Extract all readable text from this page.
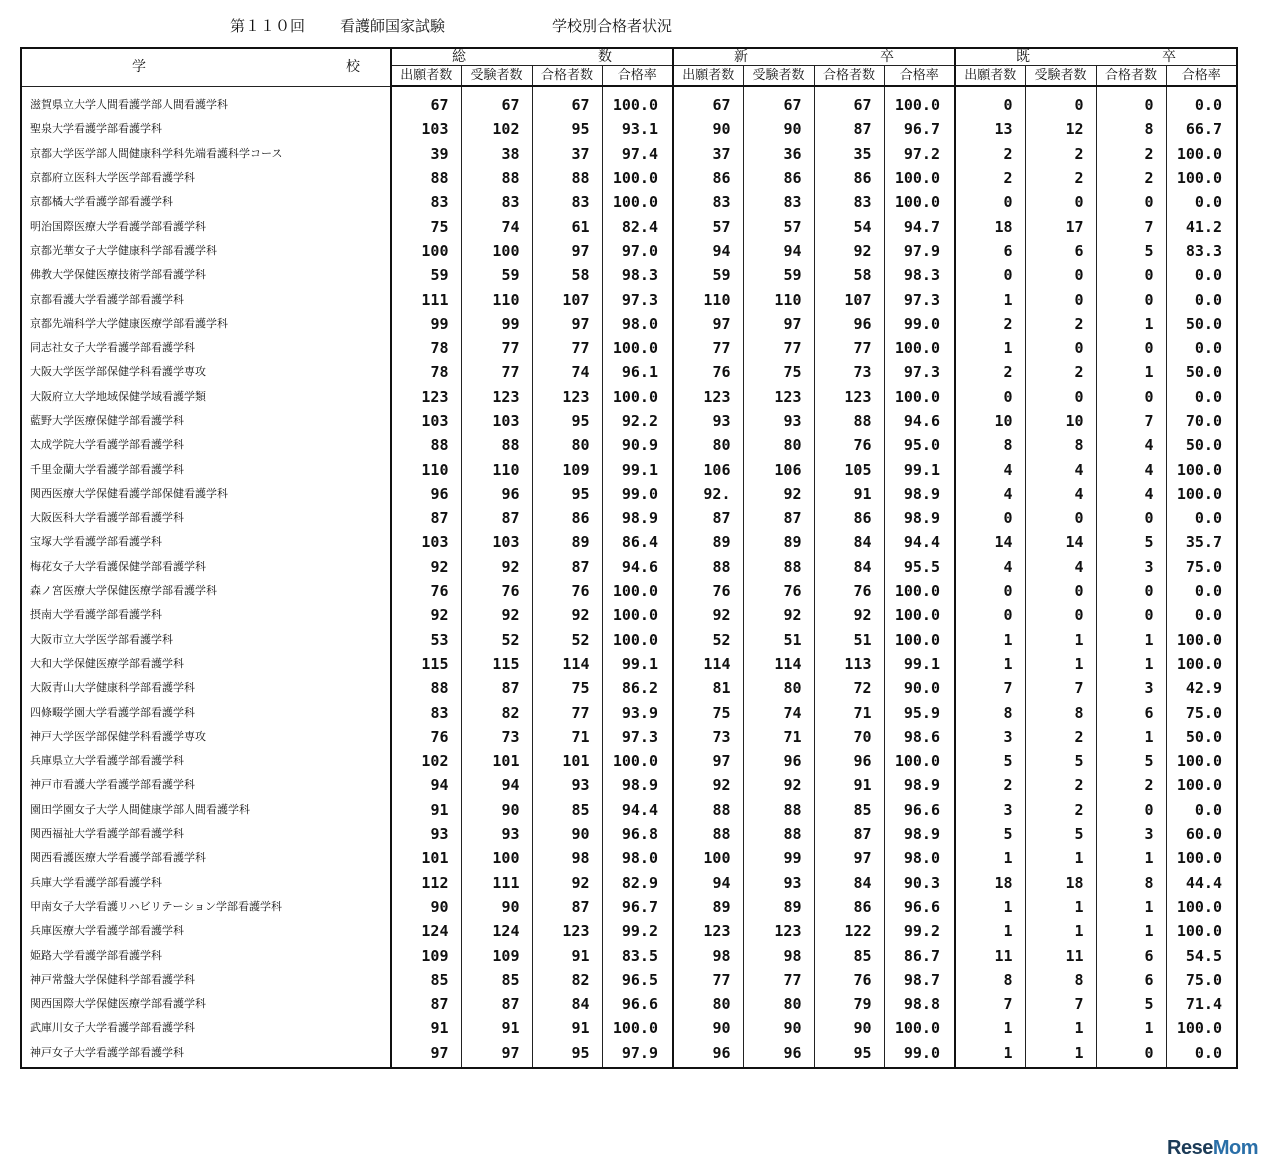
第１１０回 看護師国家試験	学校別合格者状況
学 校	総 数				新 卒				既 卒			

	出願者数	受験者数	合格者数	合格率	出願者数	受験者数	合格者数	合格率	出願者数	受験者数	合格者数	合格率
滋賀県立大学人間看護学部人間看護学科	67	67	67	100.0	67	67	67	100.0	0	0	0	0.0
聖泉大学看護学部看護学科	103	102	95	93.1	90	90	87	96.7	13	12	8	66.7
京都大学医学部人間健康科学科先端看護科学コース	39	38	37	97.4	37	36	35	97.2	2	2	2	100.0
京都府立医科大学医学部看護学科	88	88	88	100.0	86	86	86	100.0	2	2	2	100.0
京都橘大学看護学部看護学科	83	83	83	100.0	83	83	83	100.0	0	0	0	0.0
明治国際医療大学看護学部看護学科	75	74	61	82.4	57	57	54	94.7	18	17	7	41.2
京都光華女子大学健康科学部看護学科	100	100	97	97.0	94	94	92	97.9	6	6	5	83.3
佛教大学保健医療技術学部看護学科	59	59	58	98.3	59	59	58	98.3	0	0	0	0.0
京都看護大学看護学部看護学科	111	110	107	97.3	110	110	107	97.3	1	0	0	0.0
京都先端科学大学健康医療学部看護学科	99	99	97	98.0	97	97	96	99.0	2	2	1	50.0
同志社女子大学看護学部看護学科	78	77	77	100.0	77	77	77	100.0	1	0	0	0.0
大阪大学医学部保健学科看護学専攻	78	77	74	96.1	76	75	73	97.3	2	2	1	50.0
大阪府立大学地域保健学域看護学類	123	123	123	100.0	123	123	123	100.0	0	0	0	0.0
藍野大学医療保健学部看護学科	103	103	95	92.2	93	93	88	94.6	10	10	7	70.0
太成学院大学看護学部看護学科	88	88	80	90.9	80	80	76	95.0	8	8	4	50.0
千里金蘭大学看護学部看護学科	110	110	109	99.1	106	106	105	99.1	4	4	4	100.0
関西医療大学保健看護学部保健看護学科	96	96	95	99.0	92.	92	91	98.9	4	4	4	100.0
大阪医科大学看護学部看護学科	87	87	86	98.9	87	87	86	98.9	0	0	0	0.0
宝塚大学看護学部看護学科	103	103	89	86.4	89	89	84	94.4	14	14	5	35.7
梅花女子大学看護保健学部看護学科	92	92	87	94.6	88	88	84	95.5	4	4	3	75.0
森ノ宮医療大学保健医療学部看護学科	76	76	76	100.0	76	76	76	100.0	0	0	0	0.0
摂南大学看護学部看護学科	92	92	92	100.0	92	92	92	100.0	0	0	0	0.0
大阪市立大学医学部看護学科	53	52	52	100.0	52	51	51	100.0	1	1	1	100.0
大和大学保健医療学部看護学科	115	115	114	99.1	114	114	113	99.1	1	1	1	100.0
大阪青山大学健康科学部看護学科	88	87	75	86.2	81	80	72	90.0	7	7	3	42.9
四條畷学園大学看護学部看護学科	83	82	77	93.9	75	74	71	95.9	8	8	6	75.0
神戸大学医学部保健学科看護学専攻	76	73	71	97.3	73	71	70	98.6	3	2	1	50.0
兵庫県立大学看護学部看護学科	102	101	101	100.0	97	96	96	100.0	5	5	5	100.0
神戸市看護大学看護学部看護学科	94	94	93	98.9	92	92	91	98.9	2	2	2	100.0
園田学園女子大学人間健康学部人間看護学科	91	90	85	94.4	88	88	85	96.6	3	2	0	0.0
関西福祉大学看護学部看護学科	93	93	90	96.8	88	88	87	98.9	5	5	3	60.0
関西看護医療大学看護学部看護学科	101	100	98	98.0	100	99	97	98.0	1	1	1	100.0
兵庫大学看護学部看護学科	112	111	92	82.9	94	93	84	90.3	18	18	8	44.4
甲南女子大学看護リハビリテーション学部看護学科	90	90	87	96.7	89	89	86	96.6	1	1	1	100.0
兵庫医療大学看護学部看護学科	124	124	123	99.2	123	123	122	99.2	1	1	1	100.0
姫路大学看護学部看護学科	109	109	91	83.5	98	98	85	86.7	11	11	6	54.5
神戸常盤大学保健科学部看護学科	85	85	82	96.5	77	77	76	98.7	8	8	6	75.0
関西国際大学保健医療学部看護学科	87	87	84	96.6	80	80	79	98.8	7	7	5	71.4
武庫川女子大学看護学部看護学科	91	91	91	100.0	90	90	90	100.0	1	1	1	100.0
神戸女子大学看護学部看護学科	97	97	95	97.9	96	96	95	99.0	1	1	0	0.0
ReseMom
